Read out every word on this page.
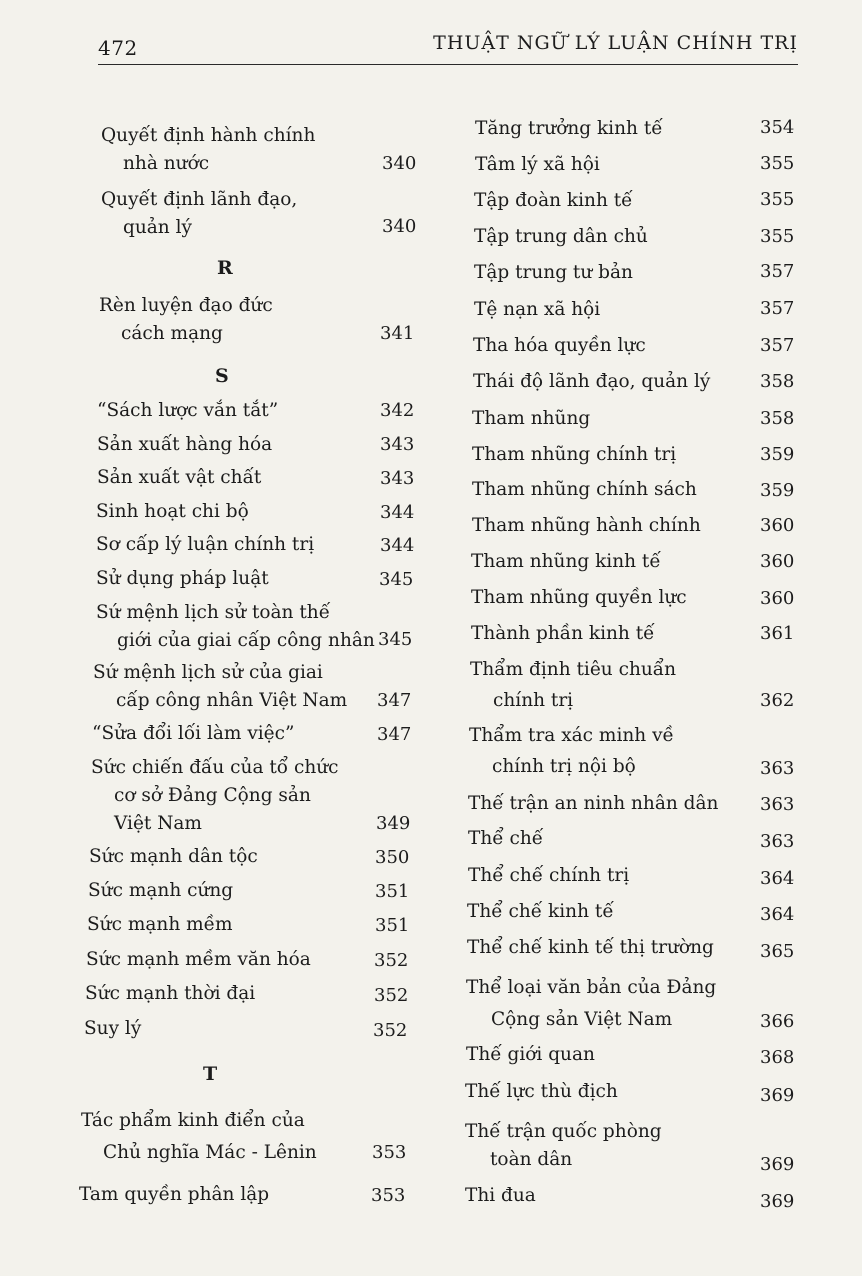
472	THUẬT NGỮ LÝ LUẬN CHÍNH TRỊ
Quyết định hành chính
nhà nước	340
Quyết định lãnh đạo,
quản lý	340
R
Rèn luyện đạo đức
cách mạng	341
S
“Sách lược vắn tắt”	342
Sản xuất hàng hóa	343
Sản xuất vật chất	343
Sinh hoạt chi bộ	344
Sơ cấp lý luận chính trị	344
Sử dụng pháp luật	345
Sứ mệnh lịch sử toàn thế
giới của giai cấp công nhân 345
Sứ mệnh lịch sử của giai
cấp công nhân Việt Nam 347
“Sửa đổi lối làm việc”	347
Sức chiến đấu của tổ chức
cơ sở Đảng Cộng sản
Việt Nam	349
Sức mạnh dân tộc	350
Sức mạnh cứng	351
Sức mạnh mềm	351
Sức mạnh mềm văn hóa	352
Sức mạnh thời đại	352
Suy lý	352
T
Tác phẩm kinh điển của
Chủ nghĩa Mác - Lênin	353
Tam quyền phân lập	353
Tăng trưởng kinh tế	354
Tâm lý xã hội	355
Tập đoàn kinh tế	355
Tập trung dân chủ	355
Tập trung tư bản	357
Tệ nạn xã hội	357
Tha hóa quyền lực	357
Thái độ lãnh đạo, quản lý	358
Tham nhũng	358
Tham nhũng chính trị	359
Tham nhũng chính sách	359
Tham nhũng hành chính	360
Tham nhũng kinh tế	360
Tham nhũng quyền lực	360
Thành phần kinh tế	361
Thẩm định tiêu chuẩn
chính trị	362
Thẩm tra xác minh về
chính trị nội bộ	363
Thế trận an ninh nhân dân 363
Thể chế	363
Thể chế chính trị	364
Thể chế kinh tế	364
Thể chế kinh tế thị trường	365
Thể loại văn bản của Đảng
Cộng sản Việt Nam	366
Thế giới quan	368
Thế lực thù địch	369
Thế trận quốc phòng
toàn dân	369
Thi đua	369
